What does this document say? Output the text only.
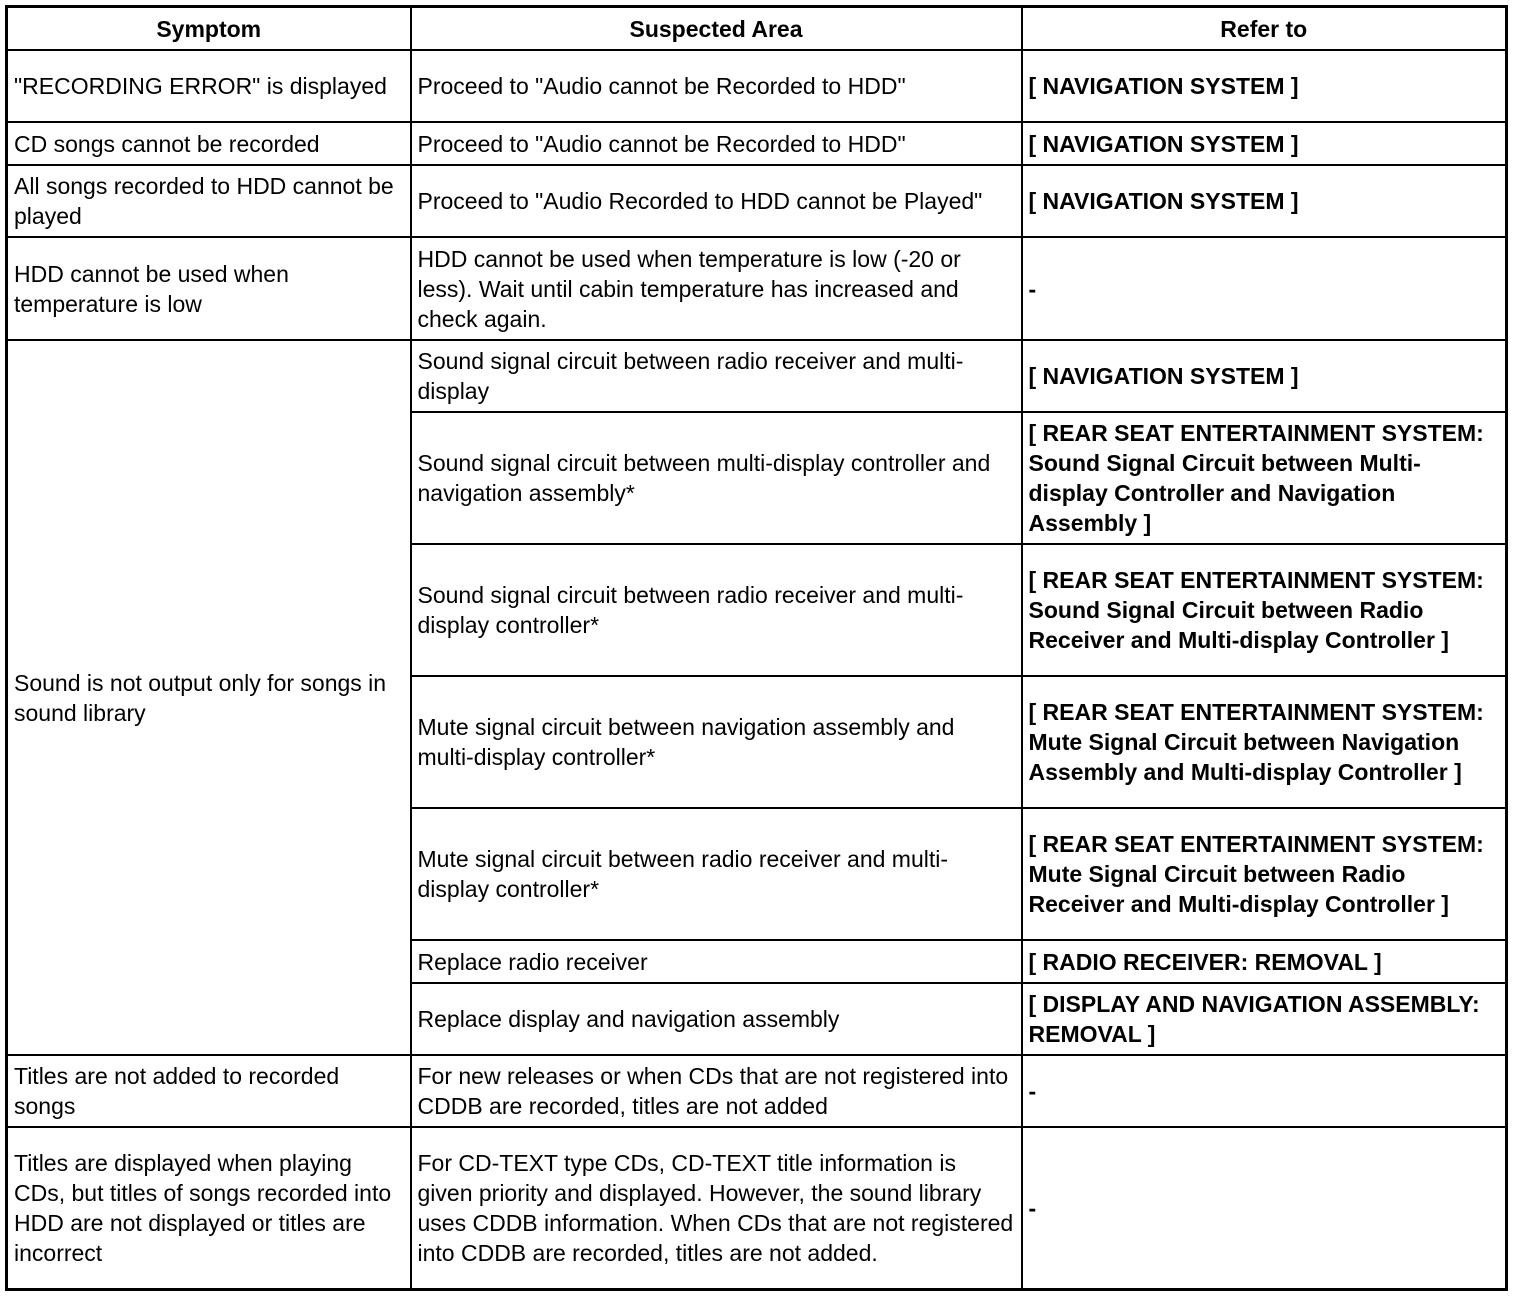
Symptom	Suspected Area	Refer to
"RECORDING ERROR" is displayed	Proceed to "Audio cannot be Recorded to HDD"	[ NAVIGATION SYSTEM ]
CD songs cannot be recorded	Proceed to "Audio cannot be Recorded to HDD"	[ NAVIGATION SYSTEM ]
All songs recorded to HDD cannot be played	Proceed to "Audio Recorded to HDD cannot be Played"	[ NAVIGATION SYSTEM ]
HDD cannot be used when temperature is low	HDD cannot be used when temperature is low (-20 or less). Wait until cabin temperature has increased and check again.	-
Sound is not output only for songs in sound library	Sound signal circuit between radio receiver and multi-display	[ NAVIGATION SYSTEM ]
	Sound signal circuit between multi-display controller and navigation assembly*	[ REAR SEAT ENTERTAINMENT SYSTEM: Sound Signal Circuit between Multi-display Controller and Navigation Assembly ]
	Sound signal circuit between radio receiver and multi-display controller*	[ REAR SEAT ENTERTAINMENT SYSTEM: Sound Signal Circuit between Radio Receiver and Multi-display Controller ]
	Mute signal circuit between navigation assembly and multi-display controller*	[ REAR SEAT ENTERTAINMENT SYSTEM: Mute Signal Circuit between Navigation Assembly and Multi-display Controller ]
	Mute signal circuit between radio receiver and multi-display controller*	[ REAR SEAT ENTERTAINMENT SYSTEM: Mute Signal Circuit between Radio Receiver and Multi-display Controller ]
	Replace radio receiver	[ RADIO RECEIVER: REMOVAL ]
	Replace display and navigation assembly	[ DISPLAY AND NAVIGATION ASSEMBLY: REMOVAL ]
Titles are not added to recorded songs	For new releases or when CDs that are not registered into CDDB are recorded, titles are not added	-
Titles are displayed when playing CDs, but titles of songs recorded into HDD are not displayed or titles are incorrect	For CD-TEXT type CDs, CD-TEXT title information is given priority and displayed. However, the sound library uses CDDB information. When CDs that are not registered into CDDB are recorded, titles are not added.	-
